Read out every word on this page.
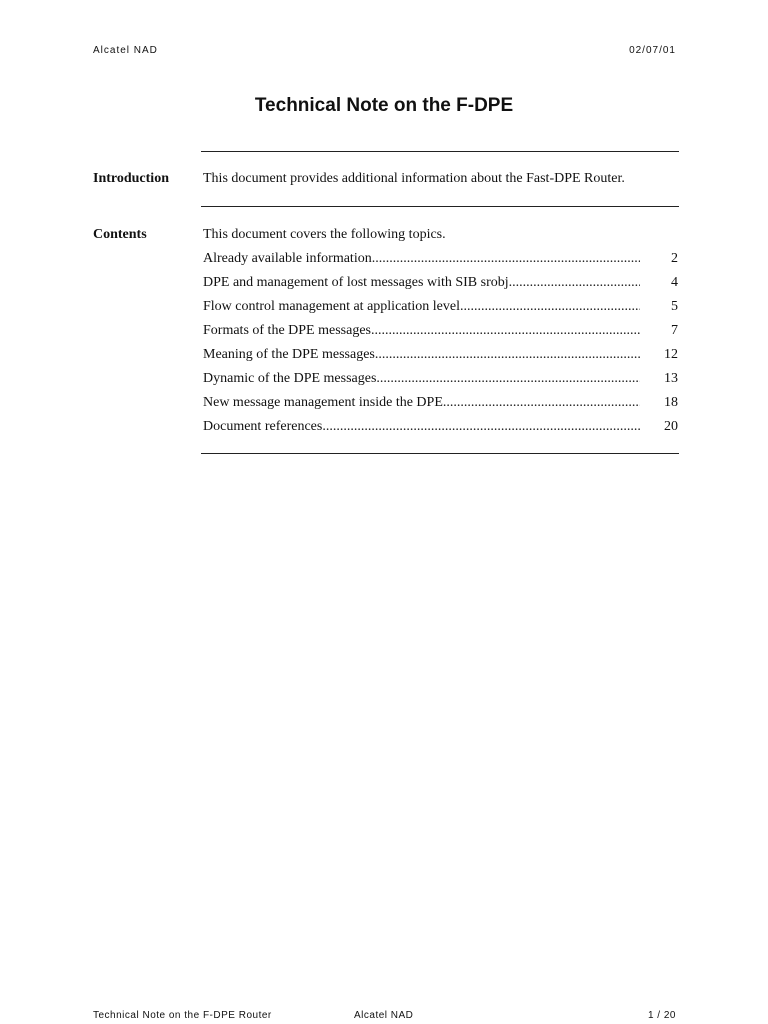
Alcatel NAD	02/07/01
Technical Note on the F-DPE
Introduction This document provides additional information about the Fast-DPE Router.
Contents	This document covers the following topics.
Already available information .....	2
DPE and management of lost messages with SIB srobj .....	4
Flow control management at application level .....	5
Formats of the DPE messages .....	7
Meaning of the DPE messages .....	12
Dynamic of the DPE messages .....	13
New message management inside the DPE .....	18
Document references .....	20
Technical Note on the F-DPE Router	Alcatel NAD	1 / 20
